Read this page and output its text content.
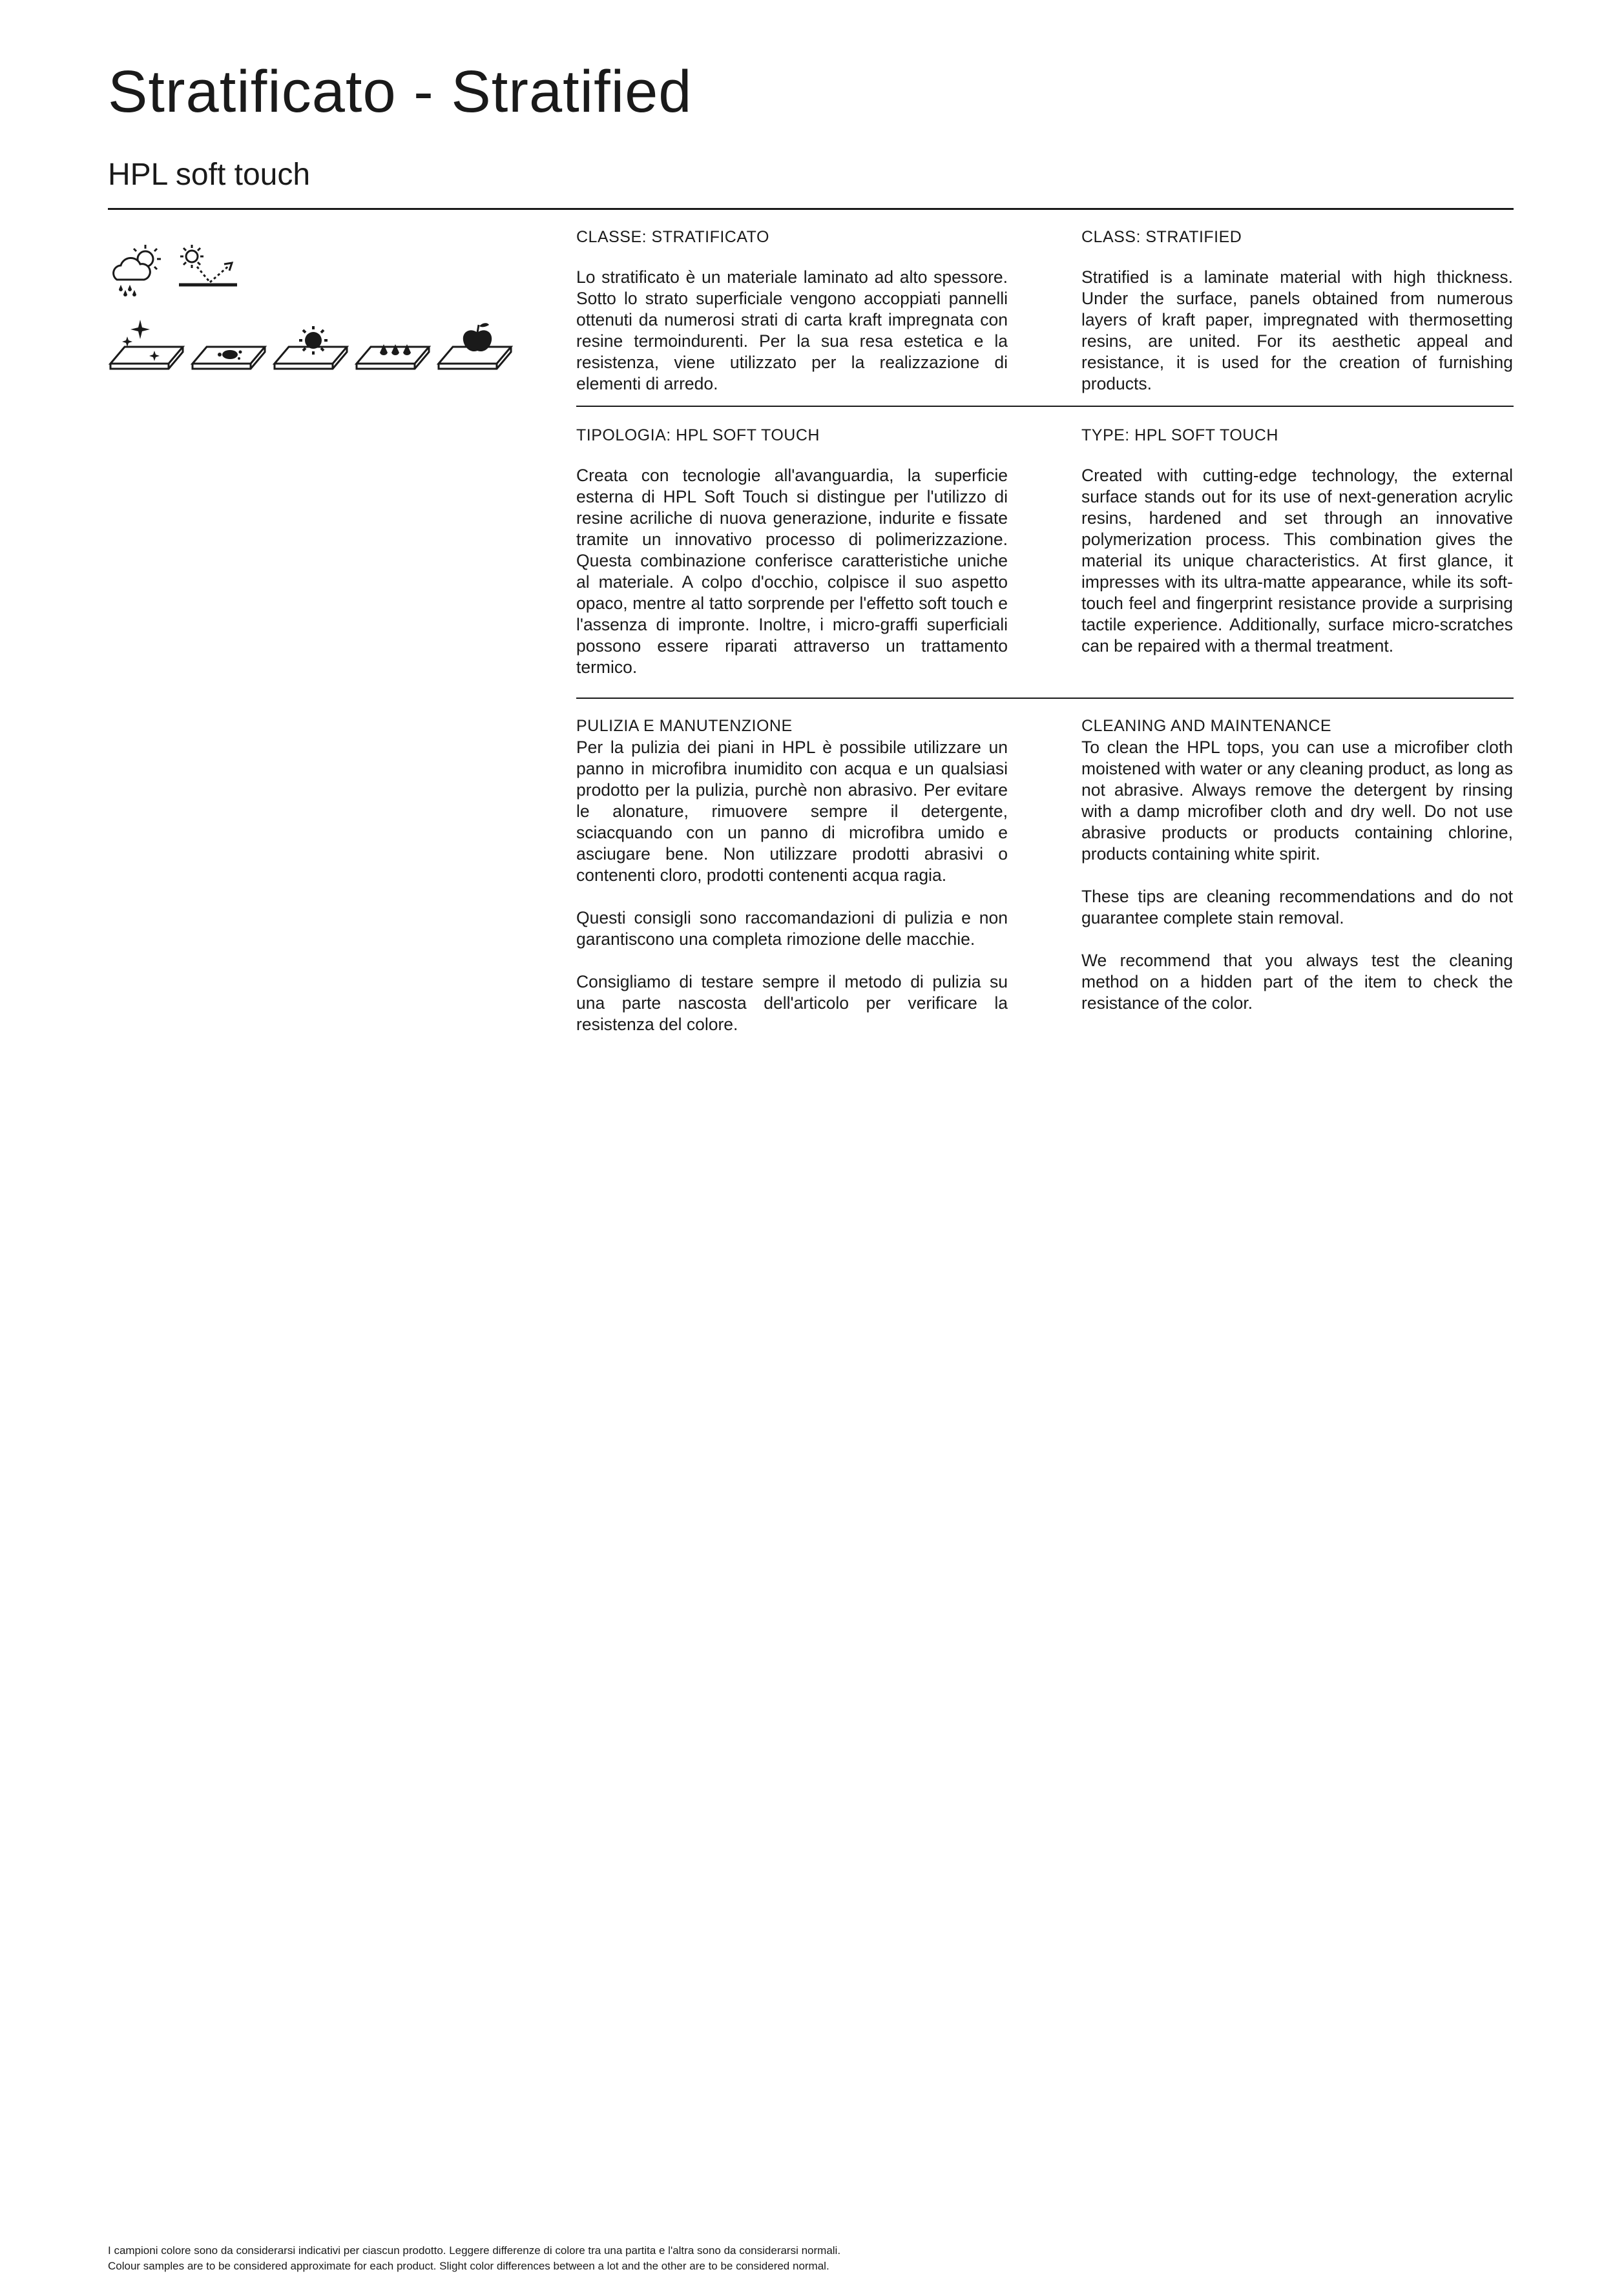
Stratificato - Stratified
HPL soft touch

CLASSE: STRATIFICATO

Lo stratificato è un materiale laminato ad alto spessore. Sotto lo strato superficiale vengono accoppiati pannelli ottenuti da numerosi strati di carta kraft impregnata con resine termoindurenti. Per la sua resa estetica e la resistenza, viene utilizzato per la realizzazione di elementi di arredo.

CLASS: STRATIFIED

Stratified is a laminate material with high thickness. Under the surface, panels obtained from numerous layers of kraft paper, impregnated with thermosetting resins, are united. For its aesthetic appeal and resistance, it is used for the creation of furnishing products.

TIPOLOGIA: HPL SOFT TOUCH

Creata con tecnologie all'avanguardia, la superficie esterna di HPL Soft Touch si distingue per l'utilizzo di resine acriliche di nuova generazione, indurite e fissate tramite un innovativo processo di polimerizzazione. Questa combinazione conferisce caratteristiche uniche al materiale. A colpo d'occhio, colpisce il suo aspetto opaco, mentre al tatto sorprende per l'effetto soft touch e l'assenza di impronte. Inoltre, i micro-graffi superficiali possono essere riparati attraverso un trattamento termico.

TYPE: HPL SOFT TOUCH

Created with cutting-edge technology, the external surface stands out for its use of next-generation acrylic resins, hardened and set through an innovative polymerization process. This combination gives the material its unique characteristics. At first glance, it impresses with its ultra-matte appearance, while its soft-touch feel and fingerprint resistance provide a surprising tactile experience. Additionally, surface micro-scratches can be repaired with a thermal treatment.

PULIZIA E MANUTENZIONE

Per la pulizia dei piani in HPL è possibile utilizzare un panno in microfibra inumidito con acqua e un qualsiasi prodotto per la pulizia, purchè non abrasivo. Per evitare le alonature, rimuovere sempre il detergente, sciacquando con un panno di microfibra umido e asciugare bene. Non utilizzare prodotti abrasivi o contenenti cloro, prodotti contenenti acqua ragia.

Questi consigli sono raccomandazioni di pulizia e non garantiscono una completa rimozione delle macchie.

Consigliamo di testare sempre il metodo di pulizia su una parte nascosta dell'articolo per verificare la resistenza del colore.

CLEANING AND MAINTENANCE

To clean the HPL tops, you can use a microfiber cloth moistened with water or any cleaning product, as long as not abrasive. Always remove the detergent by rinsing with a damp microfiber cloth and dry well. Do not use abrasive products or products containing chlorine, products containing white spirit.

These tips are cleaning recommendations and do not guarantee complete stain removal.

We recommend that you always test the cleaning method on a hidden part of the item to check the resistance of the color.

I campioni colore sono da considerarsi indicativi per ciascun prodotto. Leggere differenze di colore tra una partita e l'altra sono da considerarsi normali.
Colour samples are to be considered approximate for each product. Slight color differences between a lot and the other are to be considered normal.
